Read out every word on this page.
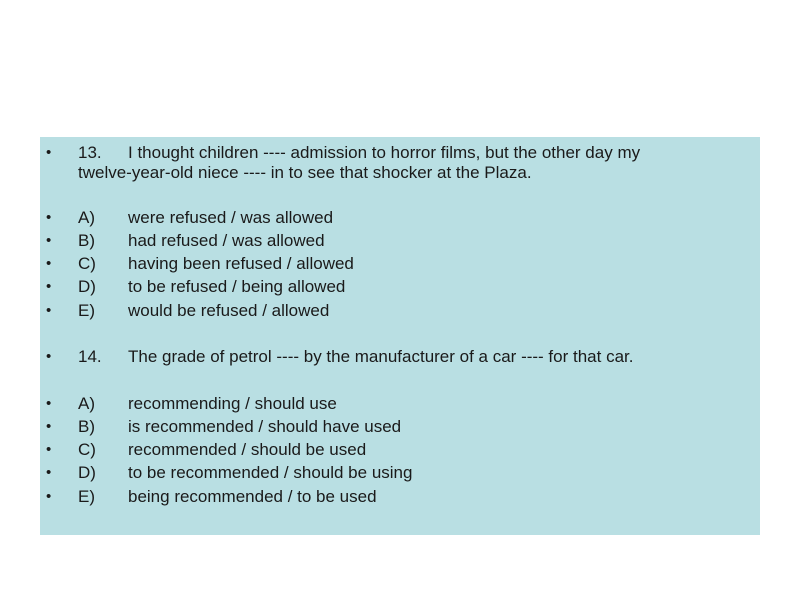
• 13. I thought children ---- admission to horror films, but the other day my
twelve-year-old niece ---- in to see that shocker at the Plaza.
• A) were refused / was allowed
• B) had refused / was allowed
• C) having been refused / allowed
• D) to be refused / being allowed
• E) would be refused / allowed
• 14. The grade of petrol ---- by the manufacturer of a car ---- for that car.
• A) recommending / should use
• B) is recommended / should have used
• C) recommended / should be used
• D) to be recommended / should be using
• E) being recommended / to be used
